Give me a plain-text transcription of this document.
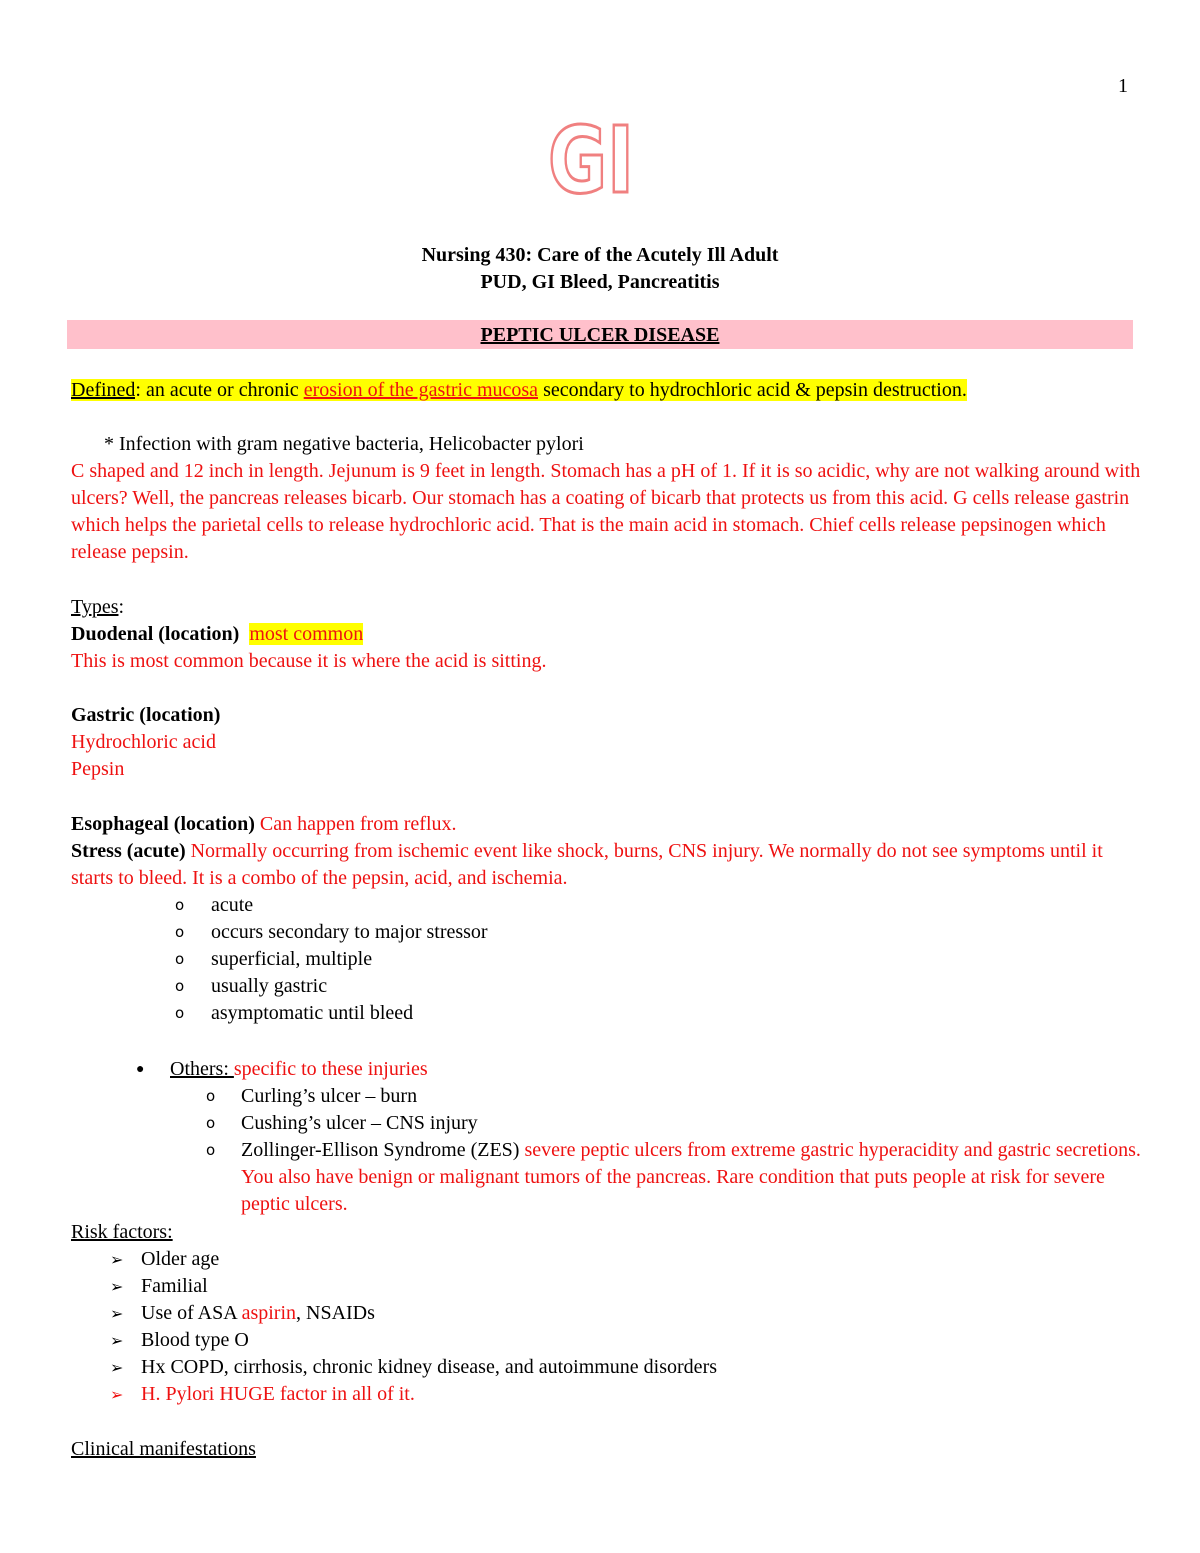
1
GI
Nursing 430: Care of the Acutely Ill Adult
PUD, GI Bleed, Pancreatitis
PEPTIC ULCER DISEASE
Defined: an acute or chronic erosion of the gastric mucosa secondary to hydrochloric acid & pepsin destruction.
* Infection with gram negative bacteria, Helicobacter pylori
C shaped and 12 inch in length. Jejunum is 9 feet in length. Stomach has a pH of 1. If it is so acidic, why are not walking around with ulcers? Well, the pancreas releases bicarb. Our stomach has a coating of bicarb that protects us from this acid. G cells release gastrin which helps the parietal cells to release hydrochloric acid. That is the main acid in stomach. Chief cells release pepsinogen which release pepsin.
Types:
Duodenal (location) most common
This is most common because it is where the acid is sitting.
Gastric (location)
Hydrochloric acid
Pepsin
Esophageal (location) Can happen from reflux.
Stress (acute) Normally occurring from ischemic event like shock, burns, CNS injury. We normally do not see symptoms until it starts to bleed. It is a combo of the pepsin, acid, and ischemia.
o acute
o occurs secondary to major stressor
o superficial, multiple
o usually gastric
o asymptomatic until bleed
● Others: specific to these injuries
o Curling’s ulcer – burn
o Cushing’s ulcer – CNS injury
o Zollinger-Ellison Syndrome (ZES) severe peptic ulcers from extreme gastric hyperacidity and gastric secretions. You also have benign or malignant tumors of the pancreas. Rare condition that puts people at risk for severe peptic ulcers.
Risk factors:
➢ Older age
➢ Familial
➢ Use of ASA aspirin, NSAIDs
➢ Blood type O
➢ Hx COPD, cirrhosis, chronic kidney disease, and autoimmune disorders
➢ H. Pylori HUGE factor in all of it.
Clinical manifestations
